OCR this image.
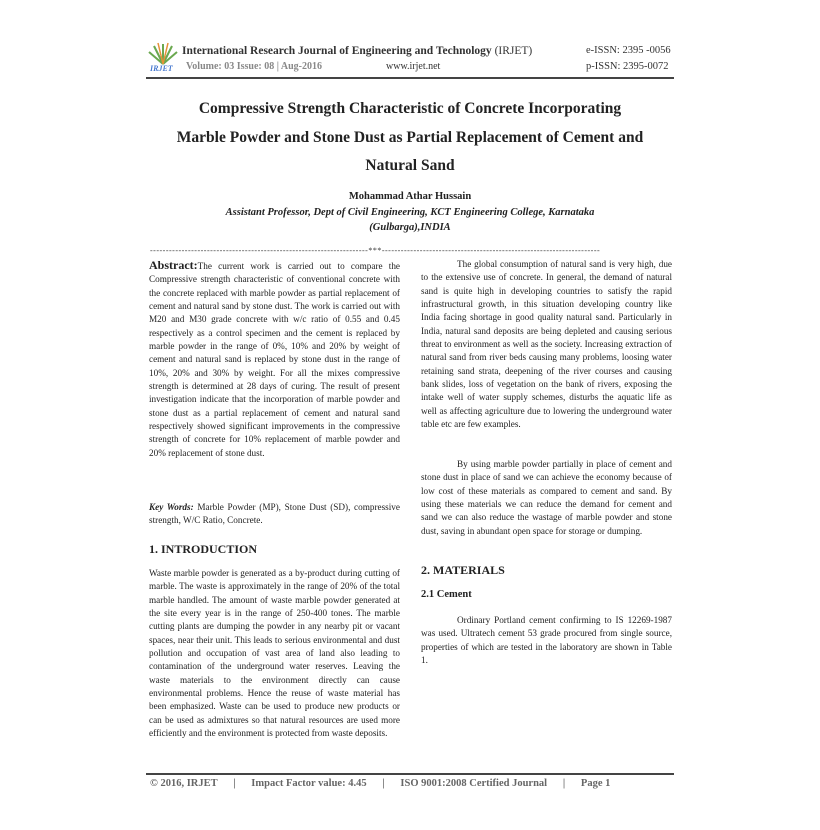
IRJET
International Research Journal of Engineering and Technology (IRJET)	e-ISSN: 2395 -0056
Volume: 03 Issue: 08 | Aug-2016	www.irjet.net	p-ISSN: 2395-0072
Compressive Strength Characteristic of Concrete Incorporating
Marble Powder and Stone Dust as Partial Replacement of Cement and
Natural Sand
Mohammad Athar Hussain
Assistant Professor, Dept of Civil Engineering, KCT Engineering College, Karnataka
(Gulbarga),INDIA
---------------------------------------------------------------------***---------------------------------------------------------------------
Abstract:The current work is carried out to compare the Compressive strength characteristic of conventional concrete with the concrete replaced with marble powder as partial replacement of cement and natural sand by stone dust. The work is carried out with M20 and M30 grade concrete with w/c ratio of 0.55 and 0.45 respectively as a control specimen and the cement is replaced by marble powder in the range of 0%, 10% and 20% by weight of cement and natural sand is replaced by stone dust in the range of 10%, 20% and 30% by weight. For all the mixes compressive strength is determined at 28 days of curing. The result of present investigation indicate that the incorporation of marble powder and stone dust as a partial replacement of cement and natural sand respectively showed significant improvements in the compressive strength of concrete for 10% replacement of marble powder and 20% replacement of stone dust.
Key Words: Marble Powder (MP), Stone Dust (SD), compressive strength, W/C Ratio, Concrete.
1. INTRODUCTION
Waste marble powder is generated as a by-product during cutting of marble. The waste is approximately in the range of 20% of the total marble handled. The amount of waste marble powder generated at the site every year is in the range of 250-400 tones. The marble cutting plants are dumping the powder in any nearby pit or vacant spaces, near their unit. This leads to serious environmental and dust pollution and occupation of vast area of land also leading to contamination of the underground water reserves. Leaving the waste materials to the environment directly can cause environmental problems. Hence the reuse of waste material has been emphasized. Waste can be used to produce new products or can be used as admixtures so that natural resources are used more efficiently and the environment is protected from waste deposits.
The global consumption of natural sand is very high, due to the extensive use of concrete. In general, the demand of natural sand is quite high in developing countries to satisfy the rapid infrastructural growth, in this situation developing country like India facing shortage in good quality natural sand. Particularly in India, natural sand deposits are being depleted and causing serious threat to environment as well as the society. Increasing extraction of natural sand from river beds causing many problems, loosing water retaining sand strata, deepening of the river courses and causing bank slides, loss of vegetation on the bank of rivers, exposing the intake well of water supply schemes, disturbs the aquatic life as well as affecting agriculture due to lowering the underground water table etc are few examples.
By using marble powder partially in place of cement and stone dust in place of sand we can achieve the economy because of low cost of these materials as compared to cement and sand. By using these materials we can reduce the demand for cement and sand we can also reduce the wastage of marble powder and stone dust, saving in abundant open space for storage or dumping.
2. MATERIALS
2.1 Cement
Ordinary Portland cement confirming to IS 12269-1987 was used. Ultratech cement 53 grade procured from single source, properties of which are tested in the laboratory are shown in Table 1.
© 2016, IRJET | Impact Factor value: 4.45 | ISO 9001:2008 Certified Journal | Page 1
